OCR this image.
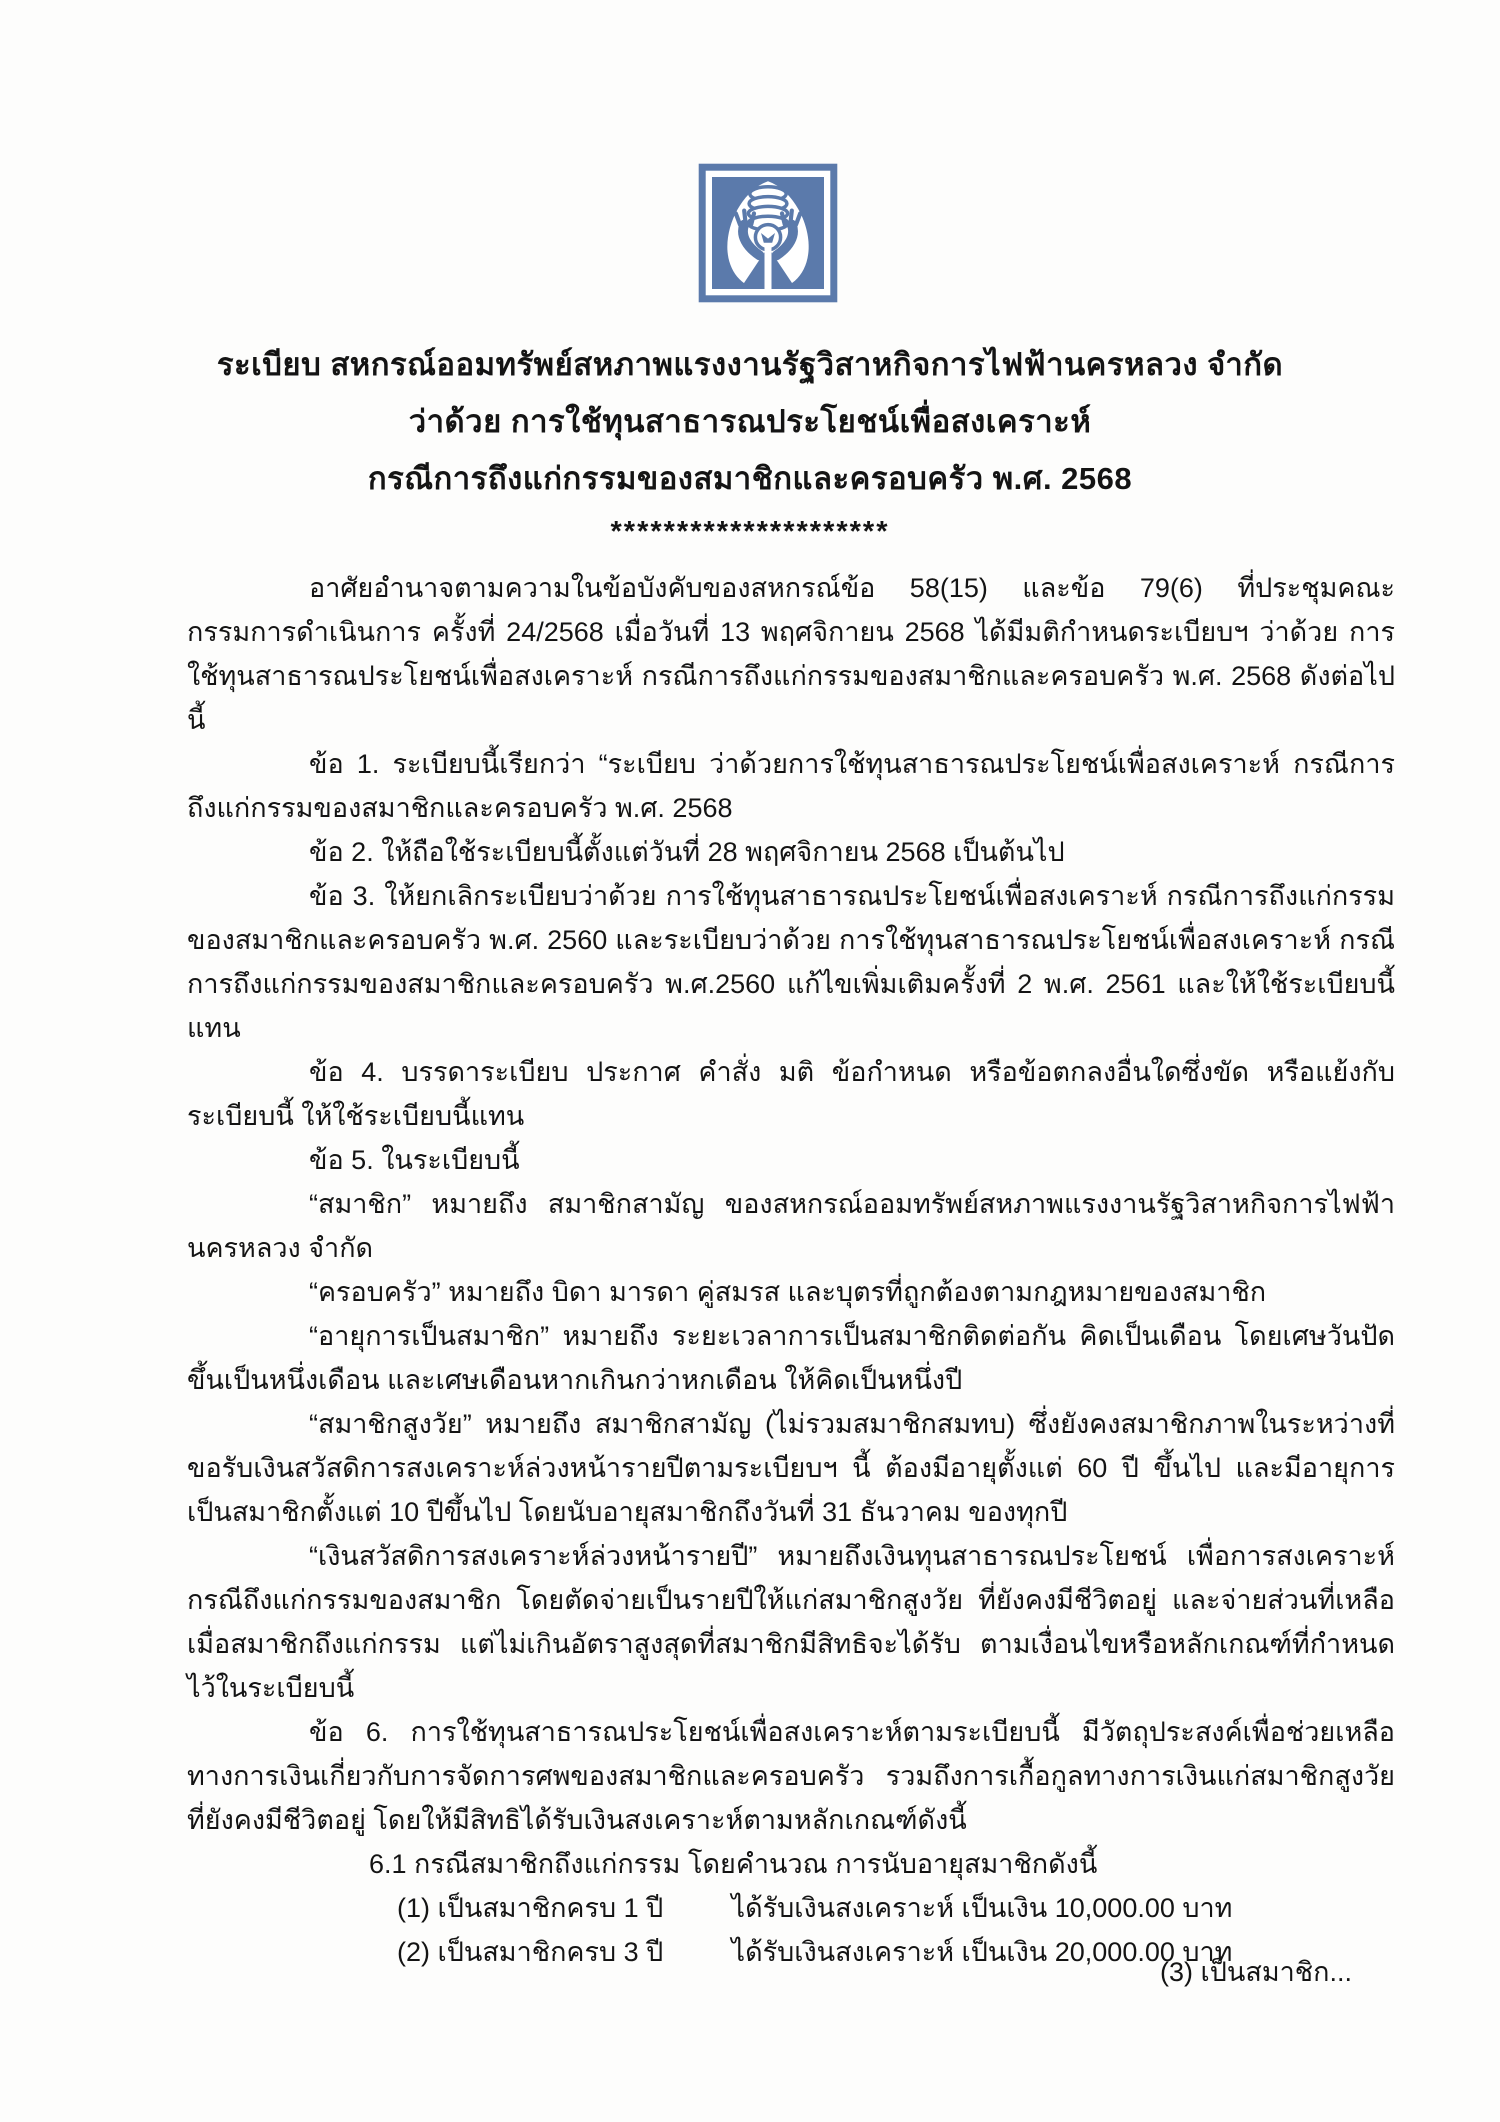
ระเบียบ สหกรณ์ออมทรัพย์สหภาพแรงงานรัฐวิสาหกิจการไฟฟ้านครหลวง จำกัด
ว่าด้วย การใช้ทุนสาธารณประโยชน์เพื่อสงเคราะห์
กรณีการถึงแก่กรรมของสมาชิกและครอบครัว พ.ศ. 2568
*********************

อาศัยอำนาจตามความในข้อบังคับของสหกรณ์ข้อ 58(15) และข้อ 79(6) ที่ประชุมคณะกรรมการดำเนินการ ครั้งที่ 24/2568 เมื่อวันที่ 13 พฤศจิกายน 2568 ได้มีมติกำหนดระเบียบฯ ว่าด้วย การใช้ทุนสาธารณประโยชน์เพื่อสงเคราะห์ กรณีการถึงแก่กรรมของสมาชิกและครอบครัว พ.ศ. 2568 ดังต่อไปนี้

ข้อ 1. ระเบียบนี้เรียกว่า “ระเบียบ ว่าด้วยการใช้ทุนสาธารณประโยชน์เพื่อสงเคราะห์ กรณีการถึงแก่กรรมของสมาชิกและครอบครัว พ.ศ. 2568

ข้อ 2. ให้ถือใช้ระเบียบนี้ตั้งแต่วันที่ 28 พฤศจิกายน 2568 เป็นต้นไป

ข้อ 3. ให้ยกเลิกระเบียบว่าด้วย การใช้ทุนสาธารณประโยชน์เพื่อสงเคราะห์ กรณีการถึงแก่กรรมของสมาชิกและครอบครัว พ.ศ. 2560 และระเบียบว่าด้วย การใช้ทุนสาธารณประโยชน์เพื่อสงเคราะห์ กรณีการถึงแก่กรรมของสมาชิกและครอบครัว พ.ศ.2560 แก้ไขเพิ่มเติมครั้งที่ 2 พ.ศ. 2561 และให้ใช้ระเบียบนี้แทน

ข้อ 4. บรรดาระเบียบ ประกาศ คำสั่ง มติ ข้อกำหนด หรือข้อตกลงอื่นใดซึ่งขัด หรือแย้งกับระเบียบนี้ ให้ใช้ระเบียบนี้แทน

ข้อ 5. ในระเบียบนี้

“สมาชิก” หมายถึง สมาชิกสามัญ ของสหกรณ์ออมทรัพย์สหภาพแรงงานรัฐวิสาหกิจการไฟฟ้านครหลวง จำกัด

“ครอบครัว” หมายถึง บิดา มารดา คู่สมรส และบุตรที่ถูกต้องตามกฎหมายของสมาชิก

“อายุการเป็นสมาชิก” หมายถึง ระยะเวลาการเป็นสมาชิกติดต่อกัน คิดเป็นเดือน โดยเศษวันปัดขึ้นเป็นหนึ่งเดือน และเศษเดือนหากเกินกว่าหกเดือน ให้คิดเป็นหนึ่งปี

“สมาชิกสูงวัย” หมายถึง สมาชิกสามัญ (ไม่รวมสมาชิกสมทบ) ซึ่งยังคงสมาชิกภาพในระหว่างที่ขอรับเงินสวัสดิการสงเคราะห์ล่วงหน้ารายปีตามระเบียบฯ นี้ ต้องมีอายุตั้งแต่ 60 ปี ขึ้นไป และมีอายุการเป็นสมาชิกตั้งแต่ 10 ปีขึ้นไป โดยนับอายุสมาชิกถึงวันที่ 31 ธันวาคม ของทุกปี

“เงินสวัสดิการสงเคราะห์ล่วงหน้ารายปี” หมายถึงเงินทุนสาธารณประโยชน์ เพื่อการสงเคราะห์กรณีถึงแก่กรรมของสมาชิก โดยตัดจ่ายเป็นรายปีให้แก่สมาชิกสูงวัย ที่ยังคงมีชีวิตอยู่ และจ่ายส่วนที่เหลือเมื่อสมาชิกถึงแก่กรรม แต่ไม่เกินอัตราสูงสุดที่สมาชิกมีสิทธิจะได้รับ ตามเงื่อนไขหรือหลักเกณฑ์ที่กำหนดไว้ในระเบียบนี้

ข้อ 6. การใช้ทุนสาธารณประโยชน์เพื่อสงเคราะห์ตามระเบียบนี้ มีวัตถุประสงค์เพื่อช่วยเหลือทางการเงินเกี่ยวกับการจัดการศพของสมาชิกและครอบครัว รวมถึงการเกื้อกูลทางการเงินแก่สมาชิกสูงวัยที่ยังคงมีชีวิตอยู่ โดยให้มีสิทธิได้รับเงินสงเคราะห์ตามหลักเกณฑ์ดังนี้

6.1 กรณีสมาชิกถึงแก่กรรม โดยคำนวณ การนับอายุสมาชิกดังนี้

(1) เป็นสมาชิกครบ 1 ปี	ได้รับเงินสงเคราะห์ เป็นเงิน 10,000.00 บาท
(2) เป็นสมาชิกครบ 3 ปี	ได้รับเงินสงเคราะห์ เป็นเงิน 20,000.00 บาท
(3) เป็นสมาชิก...
